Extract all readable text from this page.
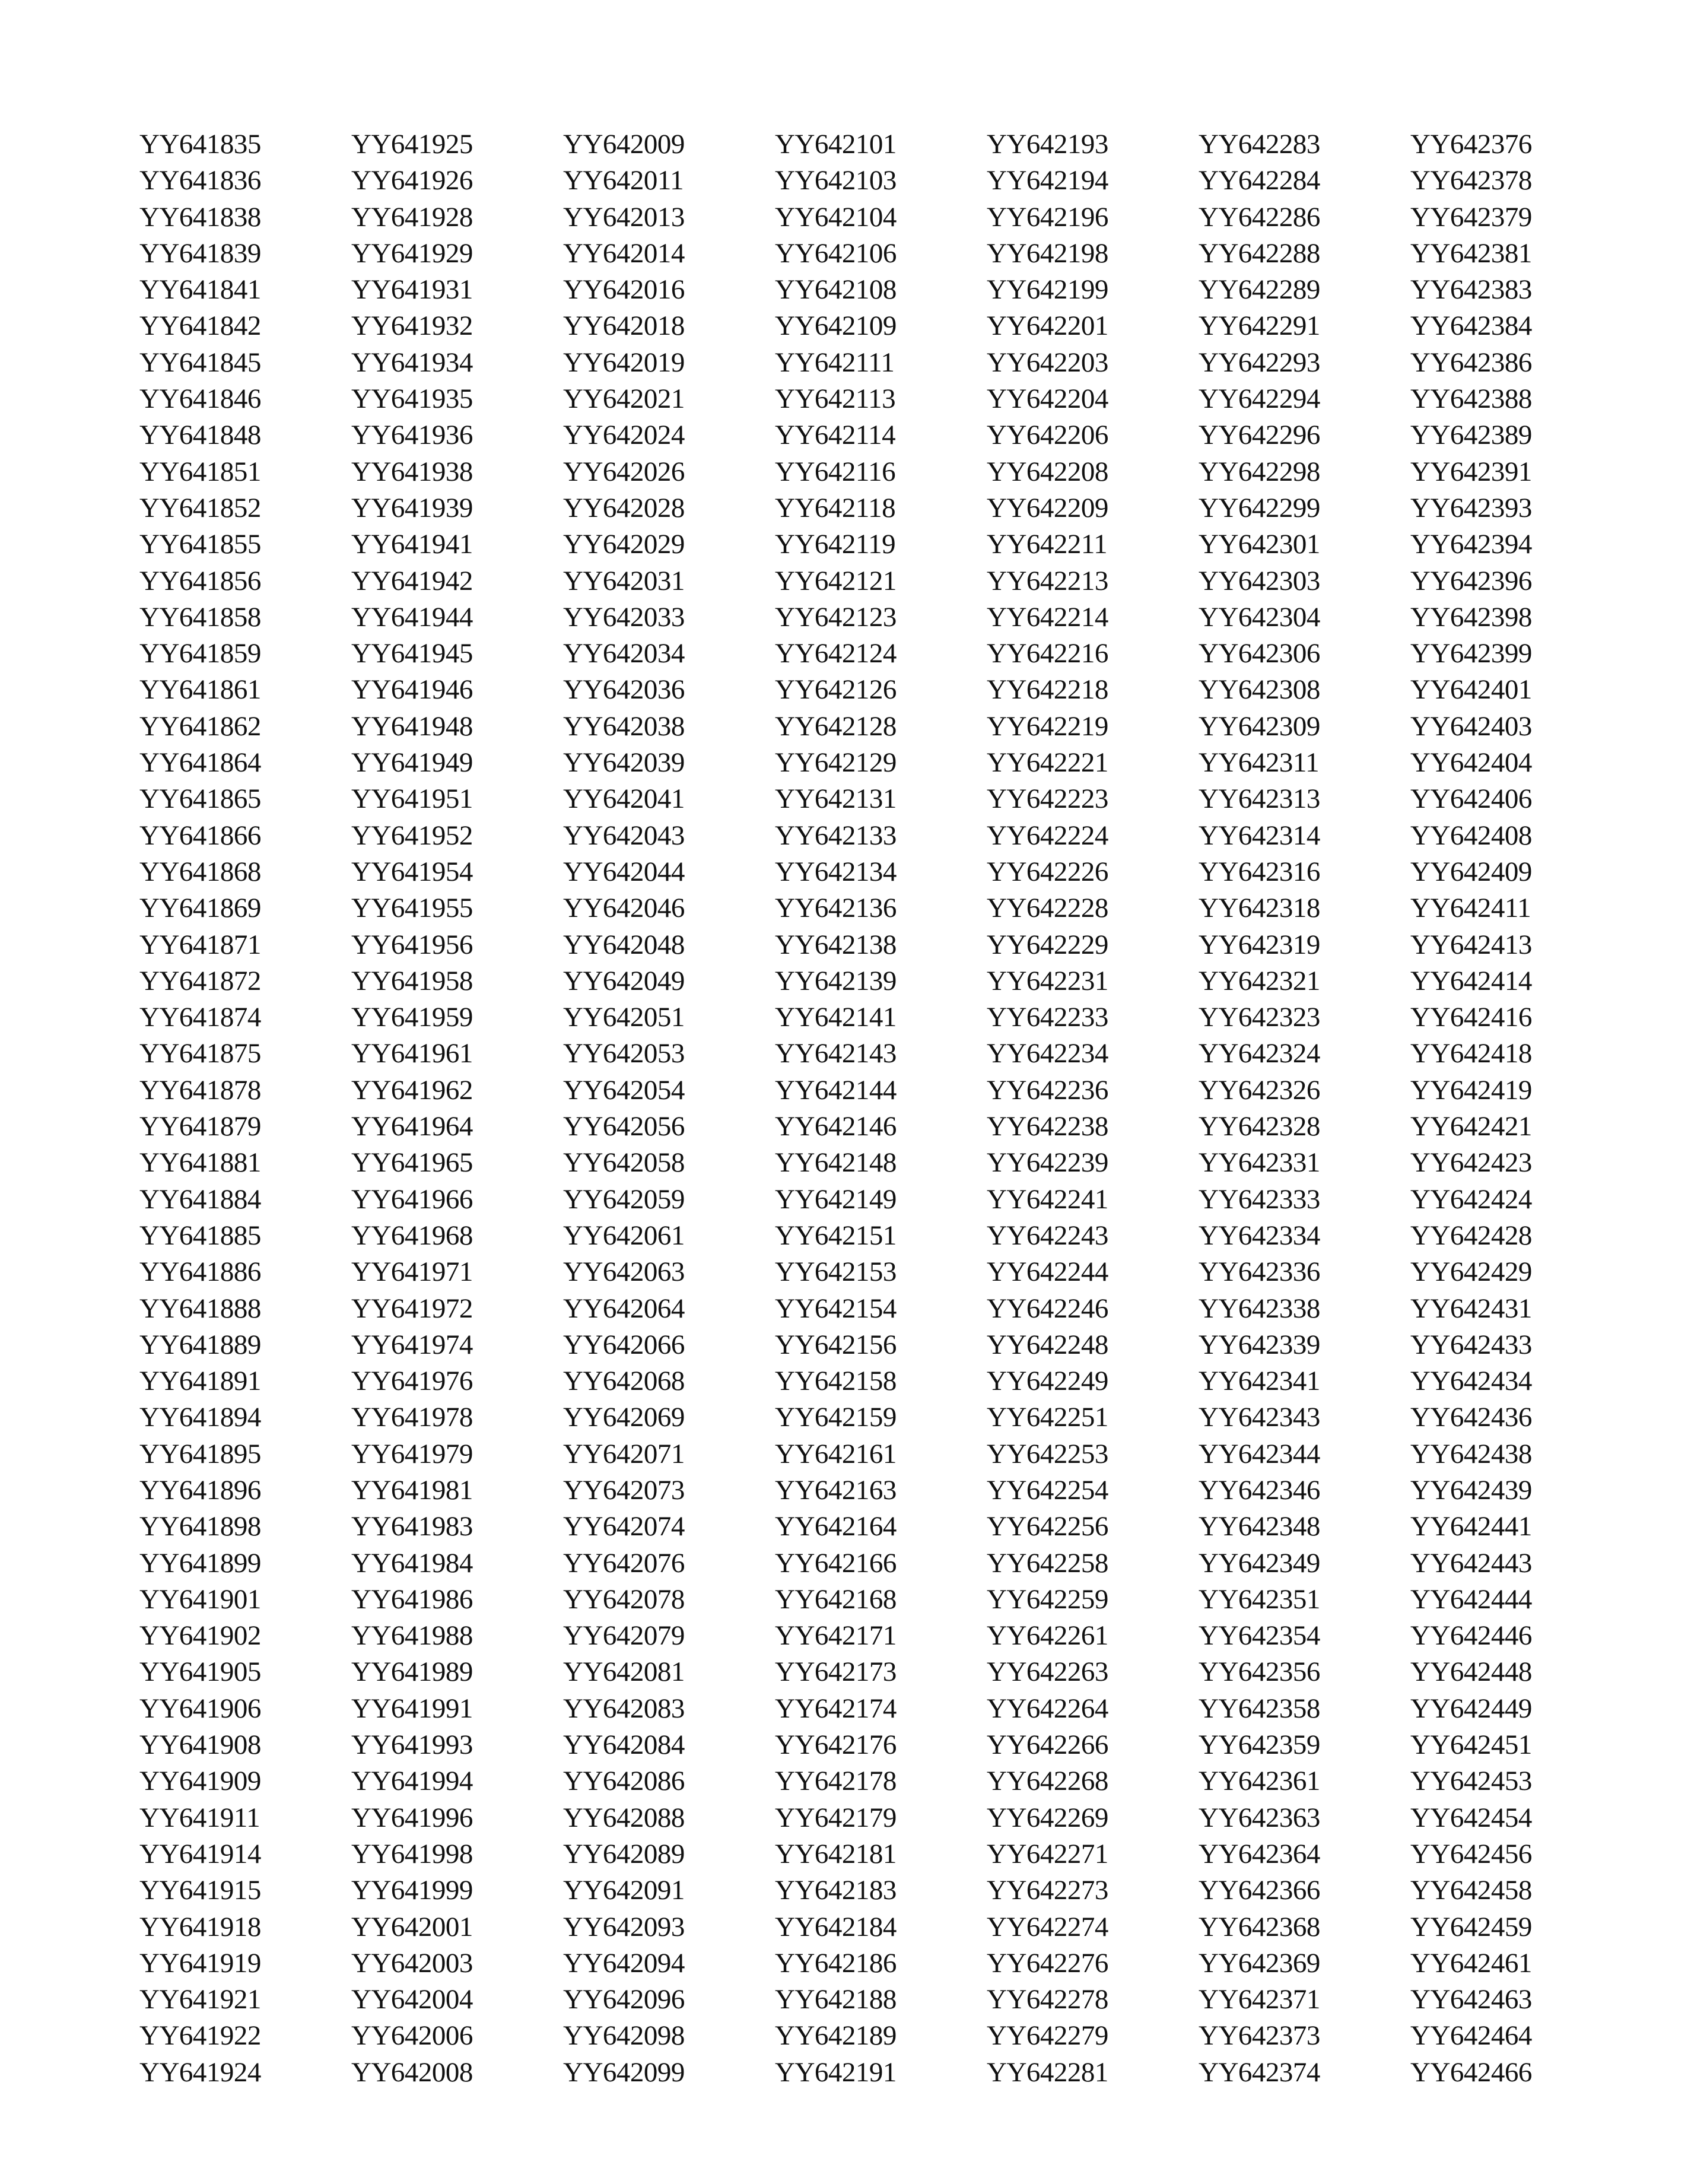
YY641835
YY641836
YY641838
YY641839
YY641841
YY641842
YY641845
YY641846
YY641848
YY641851
YY641852
YY641855
YY641856
YY641858
YY641859
YY641861
YY641862
YY641864
YY641865
YY641866
YY641868
YY641869
YY641871
YY641872
YY641874
YY641875
YY641878
YY641879
YY641881
YY641884
YY641885
YY641886
YY641888
YY641889
YY641891
YY641894
YY641895
YY641896
YY641898
YY641899
YY641901
YY641902
YY641905
YY641906
YY641908
YY641909
YY641911
YY641914
YY641915
YY641918
YY641919
YY641921
YY641922
YY641924
YY641925
YY641926
YY641928
YY641929
YY641931
YY641932
YY641934
YY641935
YY641936
YY641938
YY641939
YY641941
YY641942
YY641944
YY641945
YY641946
YY641948
YY641949
YY641951
YY641952
YY641954
YY641955
YY641956
YY641958
YY641959
YY641961
YY641962
YY641964
YY641965
YY641966
YY641968
YY641971
YY641972
YY641974
YY641976
YY641978
YY641979
YY641981
YY641983
YY641984
YY641986
YY641988
YY641989
YY641991
YY641993
YY641994
YY641996
YY641998
YY641999
YY642001
YY642003
YY642004
YY642006
YY642008
YY642009
YY642011
YY642013
YY642014
YY642016
YY642018
YY642019
YY642021
YY642024
YY642026
YY642028
YY642029
YY642031
YY642033
YY642034
YY642036
YY642038
YY642039
YY642041
YY642043
YY642044
YY642046
YY642048
YY642049
YY642051
YY642053
YY642054
YY642056
YY642058
YY642059
YY642061
YY642063
YY642064
YY642066
YY642068
YY642069
YY642071
YY642073
YY642074
YY642076
YY642078
YY642079
YY642081
YY642083
YY642084
YY642086
YY642088
YY642089
YY642091
YY642093
YY642094
YY642096
YY642098
YY642099
YY642101
YY642103
YY642104
YY642106
YY642108
YY642109
YY642111
YY642113
YY642114
YY642116
YY642118
YY642119
YY642121
YY642123
YY642124
YY642126
YY642128
YY642129
YY642131
YY642133
YY642134
YY642136
YY642138
YY642139
YY642141
YY642143
YY642144
YY642146
YY642148
YY642149
YY642151
YY642153
YY642154
YY642156
YY642158
YY642159
YY642161
YY642163
YY642164
YY642166
YY642168
YY642171
YY642173
YY642174
YY642176
YY642178
YY642179
YY642181
YY642183
YY642184
YY642186
YY642188
YY642189
YY642191
YY642193
YY642194
YY642196
YY642198
YY642199
YY642201
YY642203
YY642204
YY642206
YY642208
YY642209
YY642211
YY642213
YY642214
YY642216
YY642218
YY642219
YY642221
YY642223
YY642224
YY642226
YY642228
YY642229
YY642231
YY642233
YY642234
YY642236
YY642238
YY642239
YY642241
YY642243
YY642244
YY642246
YY642248
YY642249
YY642251
YY642253
YY642254
YY642256
YY642258
YY642259
YY642261
YY642263
YY642264
YY642266
YY642268
YY642269
YY642271
YY642273
YY642274
YY642276
YY642278
YY642279
YY642281
YY642283
YY642284
YY642286
YY642288
YY642289
YY642291
YY642293
YY642294
YY642296
YY642298
YY642299
YY642301
YY642303
YY642304
YY642306
YY642308
YY642309
YY642311
YY642313
YY642314
YY642316
YY642318
YY642319
YY642321
YY642323
YY642324
YY642326
YY642328
YY642331
YY642333
YY642334
YY642336
YY642338
YY642339
YY642341
YY642343
YY642344
YY642346
YY642348
YY642349
YY642351
YY642354
YY642356
YY642358
YY642359
YY642361
YY642363
YY642364
YY642366
YY642368
YY642369
YY642371
YY642373
YY642374
YY642376
YY642378
YY642379
YY642381
YY642383
YY642384
YY642386
YY642388
YY642389
YY642391
YY642393
YY642394
YY642396
YY642398
YY642399
YY642401
YY642403
YY642404
YY642406
YY642408
YY642409
YY642411
YY642413
YY642414
YY642416
YY642418
YY642419
YY642421
YY642423
YY642424
YY642428
YY642429
YY642431
YY642433
YY642434
YY642436
YY642438
YY642439
YY642441
YY642443
YY642444
YY642446
YY642448
YY642449
YY642451
YY642453
YY642454
YY642456
YY642458
YY642459
YY642461
YY642463
YY642464
YY642466
